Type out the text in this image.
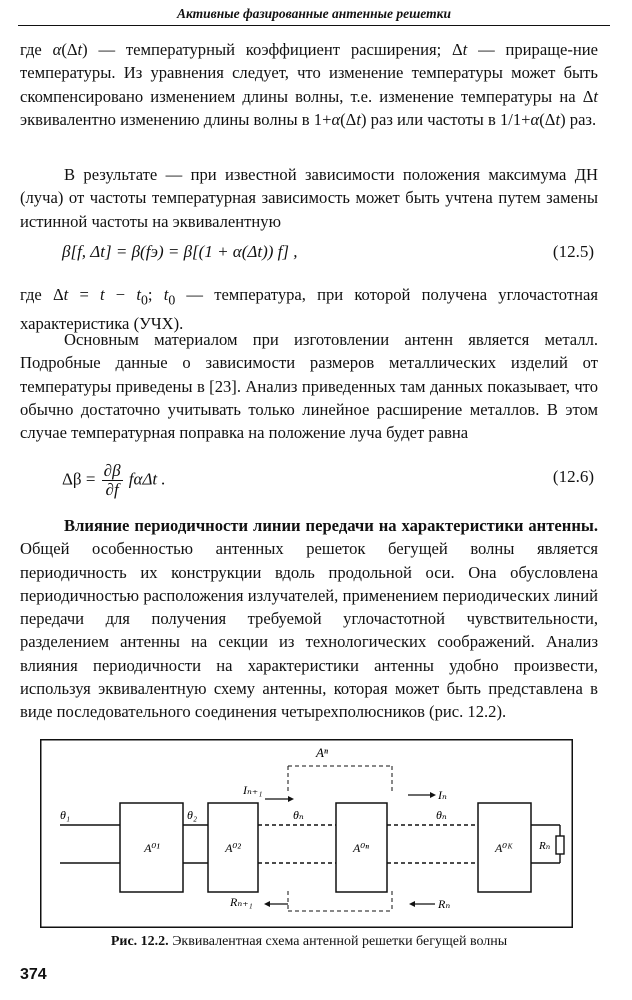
Активные фазированные антенные решетки

где α(Δt) — температурный коэффициент расширения; Δt — прираще-ние температуры. Из уравнения следует, что изменение температуры может быть скомпенсировано изменением длины волны, т.е. изменение температуры на Δt эквивалентно изменению длины волны в 1+α(Δt) раз или частоты в 1/1+α(Δt) раз.

В результате — при известной зависимости положения максимума ДН (луча) от частоты температурная зависимость может быть учтена путем замены истинной частоты на эквивалентную

β[f, Δt] = β(fэ) = β[(1 + α(Δt)) f] ,	(12.5)

где $\Delta t = t - t_0$; $t_0$ — температура, при которой получена углочастотная характеристика (УЧХ).

Основным материалом при изготовлении антенн является металл. Подробные данные о зависимости размеров металлических изделий от температуры приведены в [23]. Анализ приведенных там данных показывает, что обычно достаточно учитывать только линейное расширение металлов. В этом случае температурная поправка на положение луча будет равна

$\Delta\beta = \frac{\partial\beta}{\partial f}$ fαΔt .	(12.6)

Влияние периодичности линии передачи на характеристики антенны. Общей особенностью антенных решеток бегущей волны является периодичность их конструкции вдоль продольной оси. Она обусловлена периодичностью расположения излучателей, применением периодических линий передачи для получения требуемой углочастотной чувствительности, разделением антенны на секции из технологических соображений. Анализ влияния периодичности на характеристики антенны удобно произвести, используя эквивалентную схему антенны, которая может быть представлена в виде последовательного соединения четырехполюсников (рис. 12.2).

Aⁿ
Rₙ
A⁰¹	A⁰²	A⁰ⁿ	A⁰ᴷ
θ₁	θ₂	θₙ	θₙ
Iₙ₊₁	Iₙ
Rₙ₊₁	Rₙ
Рис. 12.2. Эквивалентная схема антенной решетки бегущей волны
374
